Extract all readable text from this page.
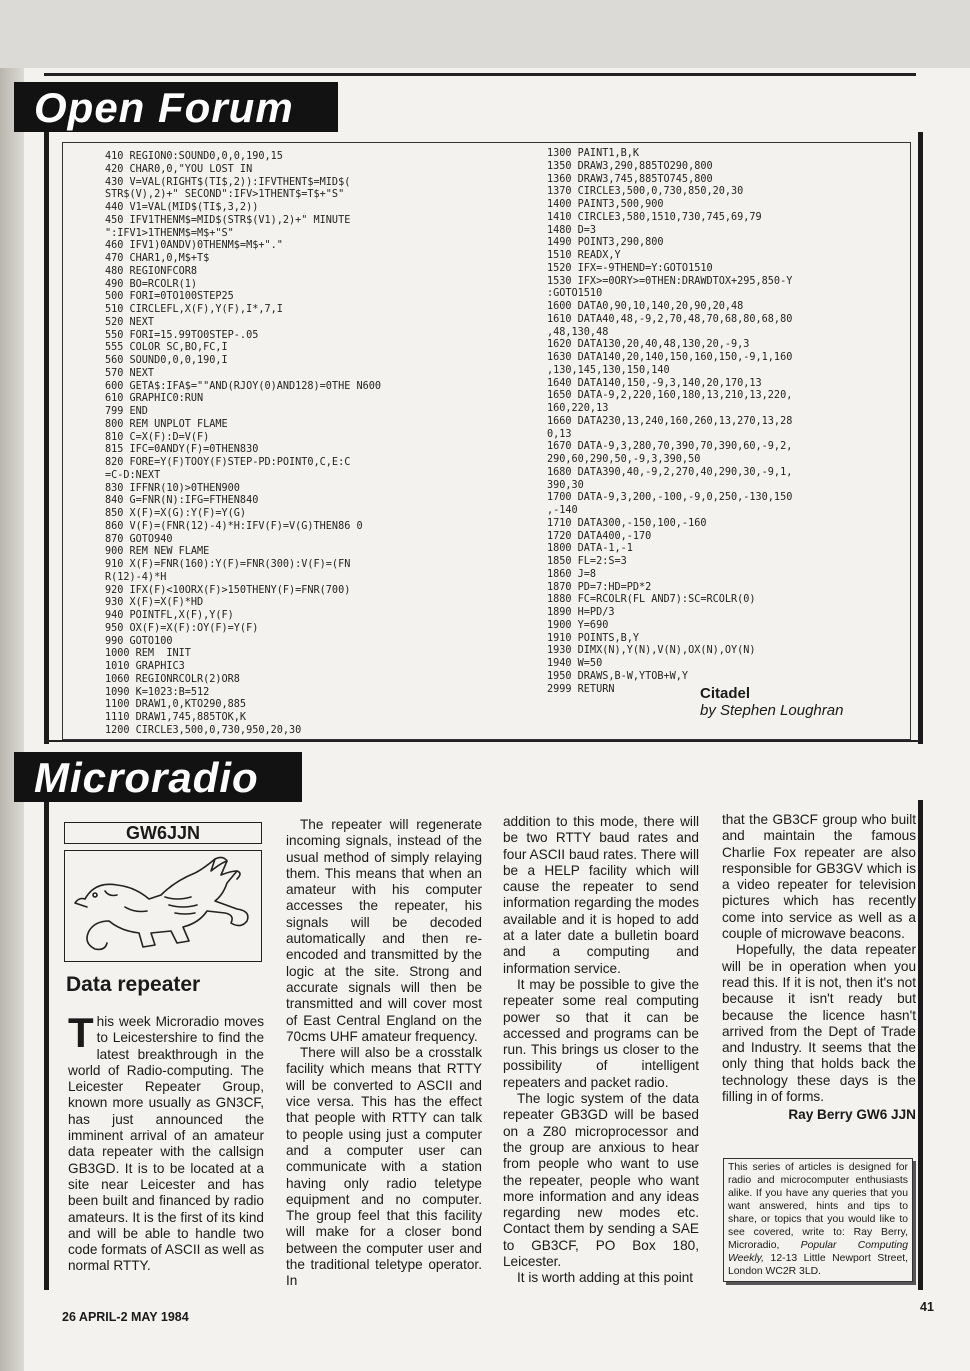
Open Forum
410 REGION0:SOUND0,0,0,190,15
420 CHAR0,0,"YOU LOST IN
430 V=VAL(RIGHT$(TI$,2)):IFVTHENT$=MID$(
STR$(V),2)+" SECOND":IFV>1THENT$=T$+"S"
440 V1=VAL(MID$(TI$,3,2))
450 IFV1THENM$=MID$(STR$(V1),2)+" MINUTE
":IFV1>1THENM$=M$+"S"
460 IFV1)0ANDV)0THENM$=M$+"."
470 CHAR1,0,M$+T$
480 REGIONFCOR8
490 BO=RCOLR(1)
500 FORI=0TO100STEP25
510 CIRCLEFL,X(F),Y(F),I*,7,I
520 NEXT
550 FORI=15.99TO0STEP-.05
555 COLOR SC,BO,FC,I
560 SOUND0,0,0,190,I
570 NEXT
600 GETA$:IFA$=""AND(RJOY(0)AND128)=0THE N600
610 GRAPHIC0:RUN
799 END
800 REM UNPLOT FLAME
810 C=X(F):D=V(F)
815 IFC=0ANDY(F)=0THEN830
820 FORE=Y(F)TOOY(F)STEP-PD:POINT0,C,E:C
=C-D:NEXT
830 IFFNR(10)>0THEN900
840 G=FNR(N):IFG=FTHEN840
850 X(F)=X(G):Y(F)=Y(G)
860 V(F)=(FNR(12)-4)*H:IFV(F)=V(G)THEN86 0
870 GOTO940
900 REM NEW FLAME
910 X(F)=FNR(160):Y(F)=FNR(300):V(F)=(FN
R(12)-4)*H
920 IFX(F)<10ORX(F)>150THENY(F)=FNR(700)
930 X(F)=X(F)*HD
940 POINTFL,X(F),Y(F)
950 OX(F)=X(F):OY(F)=Y(F)
990 GOTO100
1000 REM  INIT
1010 GRAPHIC3
1060 REGIONRCOLR(2)OR8
1090 K=1023:B=512
1100 DRAW1,0,KTO290,885
1110 DRAW1,745,885TOK,K
1200 CIRCLE3,500,0,730,950,20,30
1300 PAINT1,B,K
1350 DRAW3,290,885TO290,800
1360 DRAW3,745,885TO745,800
1370 CIRCLE3,500,0,730,850,20,30
1400 PAINT3,500,900
1410 CIRCLE3,580,1510,730,745,69,79
1480 D=3
1490 POINT3,290,800
1510 READX,Y
1520 IFX=-9THEND=Y:GOTO1510
1530 IFX>=0ORY>=0THEN:DRAWDTOX+295,850-Y
:GOTO1510
1600 DATA0,90,10,140,20,90,20,48
1610 DATA40,48,-9,2,70,48,70,68,80,68,80
,48,130,48
1620 DATA130,20,40,48,130,20,-9,3
1630 DATA140,20,140,150,160,150,-9,1,160
,130,145,130,150,140
1640 DATA140,150,-9,3,140,20,170,13
1650 DATA-9,2,220,160,180,13,210,13,220,
160,220,13
1660 DATA230,13,240,160,260,13,270,13,28
0,13
1670 DATA-9,3,280,70,390,70,390,60,-9,2,
290,60,290,50,-9,3,390,50
1680 DATA390,40,-9,2,270,40,290,30,-9,1,
390,30
1700 DATA-9,3,200,-100,-9,0,250,-130,150
,-140
1710 DATA300,-150,100,-160
1720 DATA400,-170
1800 DATA-1,-1
1850 FL=2:S=3
1860 J=8
1870 PD=7:HD=PD*2
1880 FC=RCOLR(FL AND7):SC=RCOLR(0)
1890 H=PD/3
1900 Y=690
1910 POINTS,B,Y
1930 DIMX(N),Y(N),V(N),OX(N),OY(N)
1940 W=50
1950 DRAWS,B-W,YTOB+W,Y
2999 RETURN	Citadel
by Stephen Loughran
Microradio
GW6JJN
Data repeater

This week Microradio moves to Leicestershire to find the latest breakthrough in the world of Radio-computing. The Leicester Repeater Group, known more usually as GN3CF, has just announced the imminent arrival of an amateur data repeater with the callsign GB3GD. It is to be located at a site near Leicester and has been built and financed by radio amateurs. It is the first of its kind and will be able to handle two code formats of ASCII as well as normal RTTY.

The repeater will regenerate incoming signals, instead of the usual method of simply relaying them. This means that when an amateur with his computer accesses the repeater, his signals will be decoded automatically and then re-encoded and transmitted by the logic at the site. Strong and accurate signals will then be transmitted and will cover most of East Central England on the 70cms UHF amateur frequency.

There will also be a crosstalk facility which means that RTTY will be converted to ASCII and vice versa. This has the effect that people with RTTY can talk to people using just a computer and a computer user can communicate with a station having only radio teletype equipment and no computer. The group feel that this facility will make for a closer bond between the computer user and the traditional teletype operator. In

addition to this mode, there will be two RTTY baud rates and four ASCII baud rates. There will be a HELP facility which will cause the repeater to send information regarding the modes available and it is hoped to add at a later date a bulletin board and a computing and information service.

It may be possible to give the repeater some real computing power so that it can be accessed and programs can be run. This brings us closer to the possibility of intelligent repeaters and packet radio.

The logic system of the data repeater GB3GD will be based on a Z80 microprocessor and the group are anxious to hear from people who want to use the repeater, people who want more information and any ideas regarding new modes etc. Contact them by sending a SAE to GB3CF, PO Box 180, Leicester.

It is worth adding at this point

that the GB3CF group who built and maintain the famous Charlie Fox repeater are also responsible for GB3GV which is a video repeater for television pictures which has recently come into service as well as a couple of microwave beacons.

Hopefully, the data repeater will be in operation when you read this. If it is not, then it's not because it isn't ready but because the licence hasn't arrived from the Dept of Trade and Industry. It seems that the only thing that holds back the technology these days is the filling in of forms.

Ray Berry GW6 JJN

This series of articles is designed for radio and microcomputer enthusiasts alike. If you have any queries that you want answered, hints and tips to share, or topics that you would like to see covered, write to: Ray Berry, Microradio, Popular Computing Weekly, 12-13 Little Newport Street, London WC2R 3LD.
26 APRIL-2 MAY 1984
41
